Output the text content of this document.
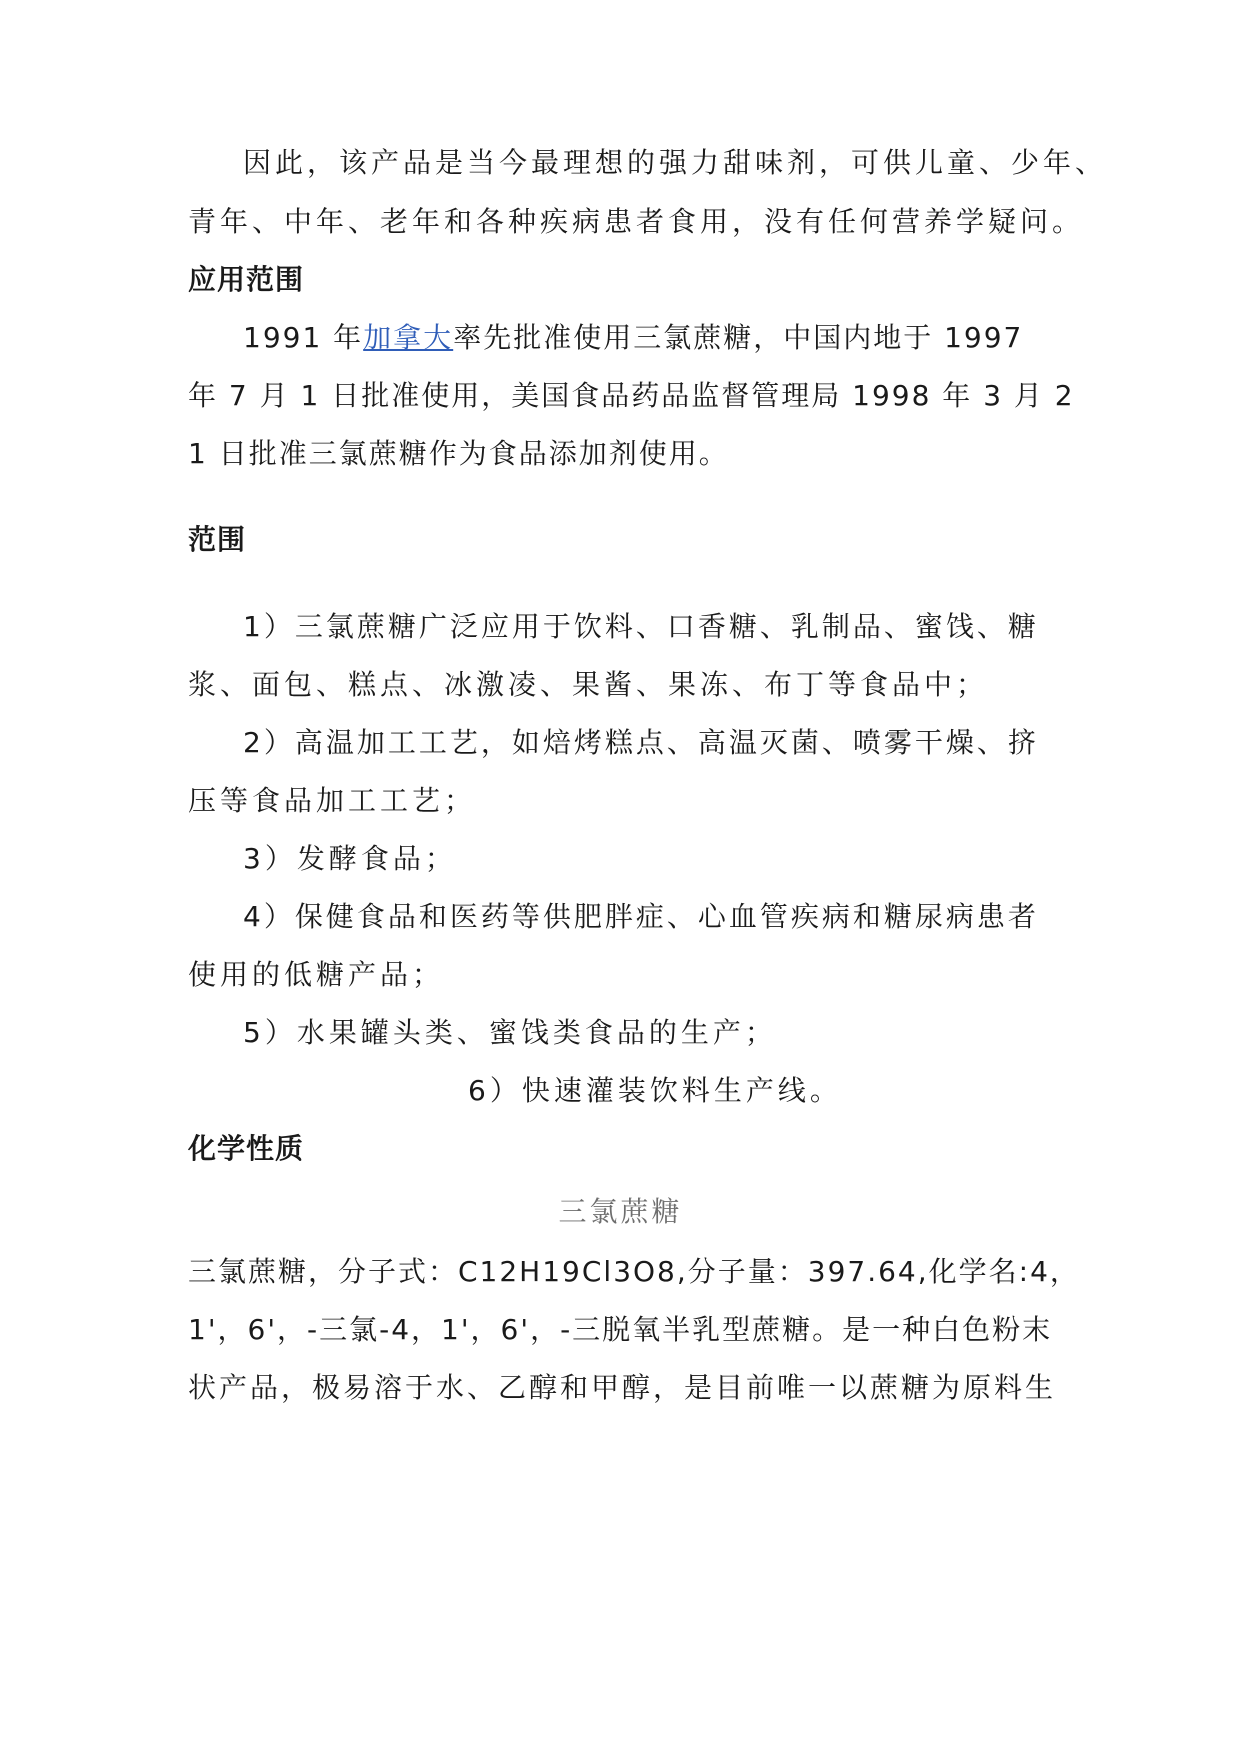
因此，该产品是当今最理想的强力甜味剂，可供儿童、少年、
青年、中年、老年和各种疾病患者食用，没有任何营养学疑问。
应用范围
1991 年加拿大率先批准使用三氯蔗糖，中国内地于 1997
年 7 月 1 日批准使用，美国食品药品监督管理局 1998 年 3 月 2
1 日批准三氯蔗糖作为食品添加剂使用。
范围
1）三氯蔗糖广泛应用于饮料、口香糖、乳制品、蜜饯、糖
浆、面包、糕点、冰激凌、果酱、果冻、布丁等食品中；
2）高温加工工艺，如焙烤糕点、高温灭菌、喷雾干燥、挤
压等食品加工工艺；
3）发酵食品；
4）保健食品和医药等供肥胖症、心血管疾病和糖尿病患者
使用的低糖产品；
5）水果罐头类、蜜饯类食品的生产；
6）快速灌装饮料生产线。
化学性质
三氯蔗糖
三氯蔗糖，分子式：C12H19Cl3O8,分子量：397.64,化学名:4，
1'，6'，-三氯-4，1'，6'，-三脱氧半乳型蔗糖。是一种白色粉末
状产品，极易溶于水、乙醇和甲醇，是目前唯一以蔗糖为原料生
